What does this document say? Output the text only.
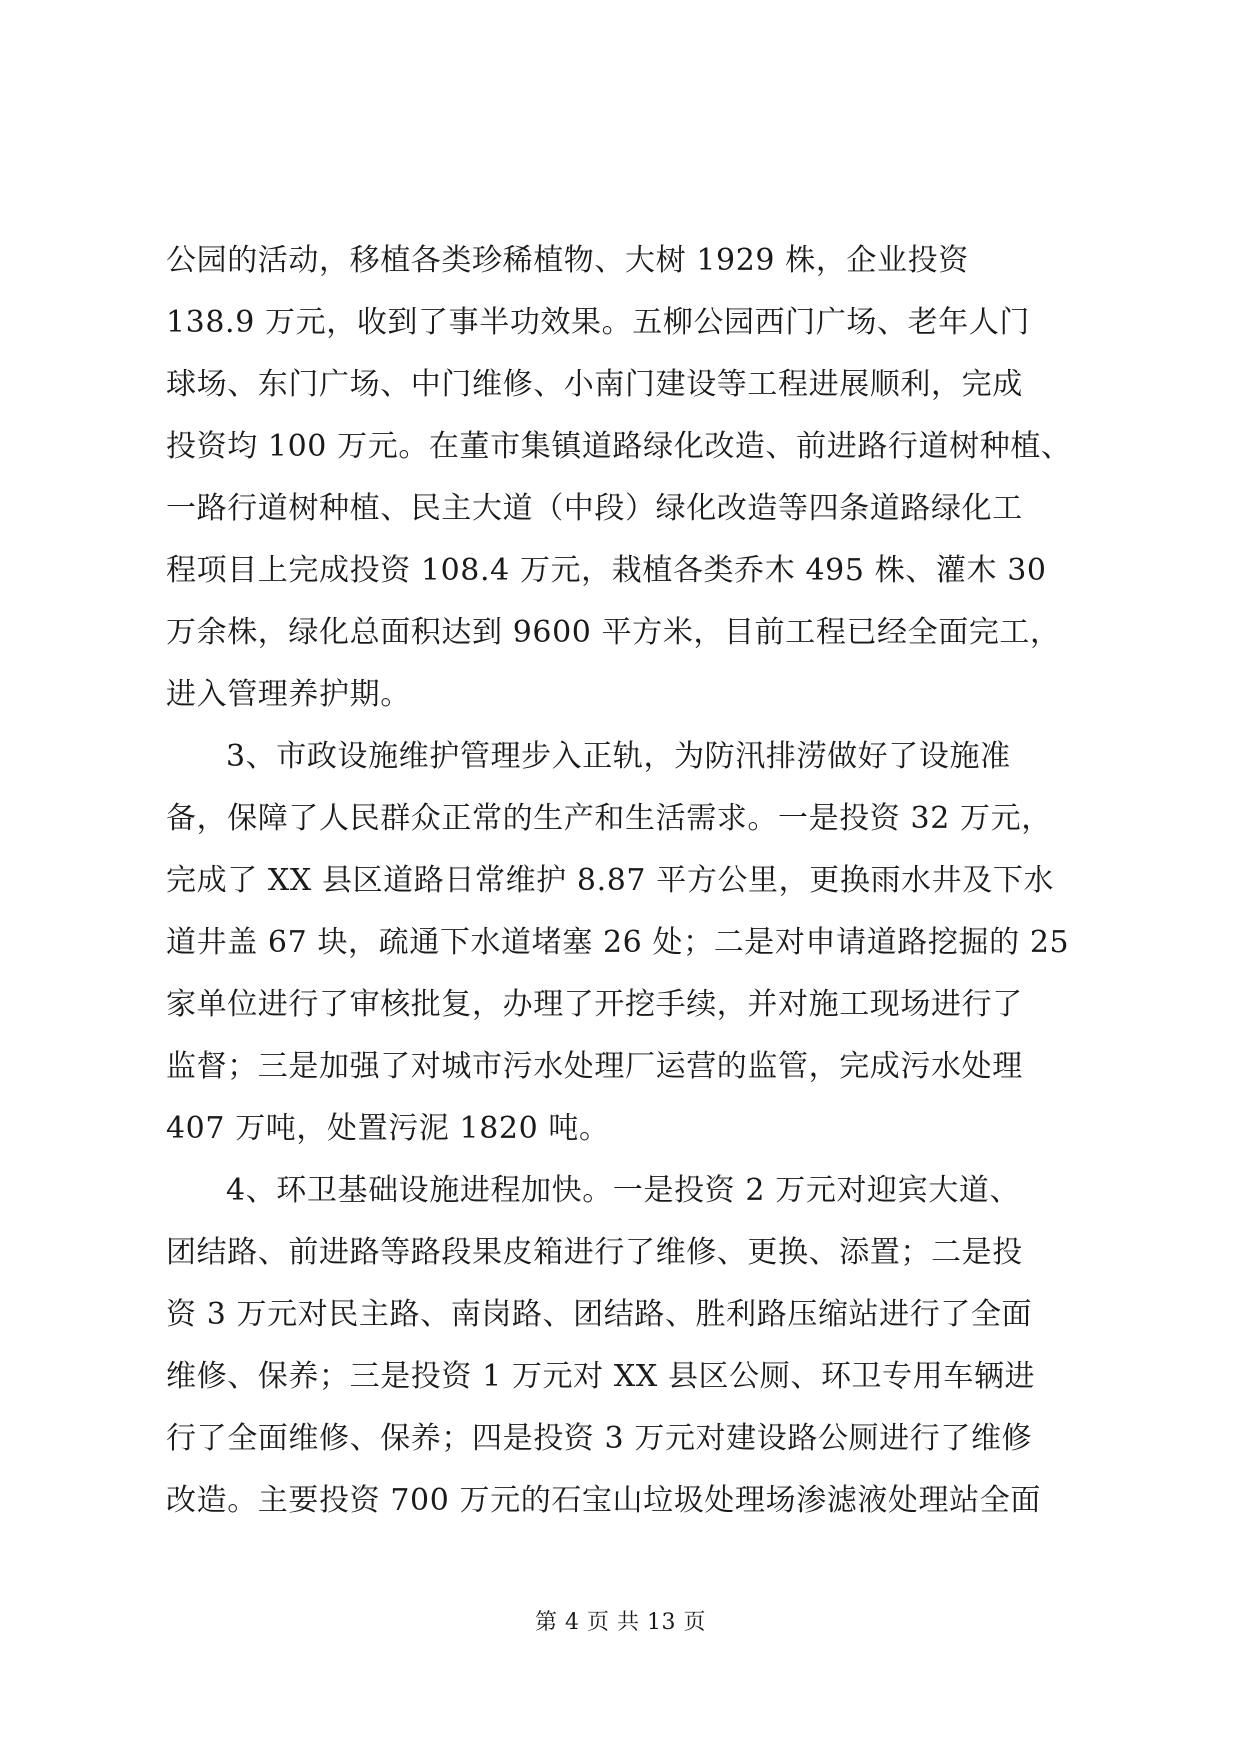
公园的活动，移植各类珍稀植物、大树 1929 株，企业投资
138.9 万元，收到了事半功效果。五柳公园西门广场、老年人门
球场、东门广场、中门维修、小南门建设等工程进展顺利，完成
投资均 100 万元。在董市集镇道路绿化改造、前进路行道树种植、
一路行道树种植、民主大道（中段）绿化改造等四条道路绿化工
程项目上完成投资 108.4 万元，栽植各类乔木 495 株、灌木 30
万余株，绿化总面积达到 9600 平方米，目前工程已经全面完工，
进入管理养护期。

3、市政设施维护管理步入正轨，为防汛排涝做好了设施准
备，保障了人民群众正常的生产和生活需求。一是投资 32 万元，
完成了 XX 县区道路日常维护 8.87 平方公里，更换雨水井及下水
道井盖 67 块，疏通下水道堵塞 26 处；二是对申请道路挖掘的 25
家单位进行了审核批复，办理了开挖手续，并对施工现场进行了
监督；三是加强了对城市污水处理厂运营的监管，完成污水处理
407 万吨，处置污泥 1820 吨。

4、环卫基础设施进程加快。一是投资 2 万元对迎宾大道、
团结路、前进路等路段果皮箱进行了维修、更换、添置；二是投
资 3 万元对民主路、南岗路、团结路、胜利路压缩站进行了全面
维修、保养；三是投资 1 万元对 XX 县区公厕、环卫专用车辆进
行了全面维修、保养；四是投资 3 万元对建设路公厕进行了维修
改造。主要投资 700 万元的石宝山垃圾处理场渗滤液处理站全面

第 4 页 共 13 页
